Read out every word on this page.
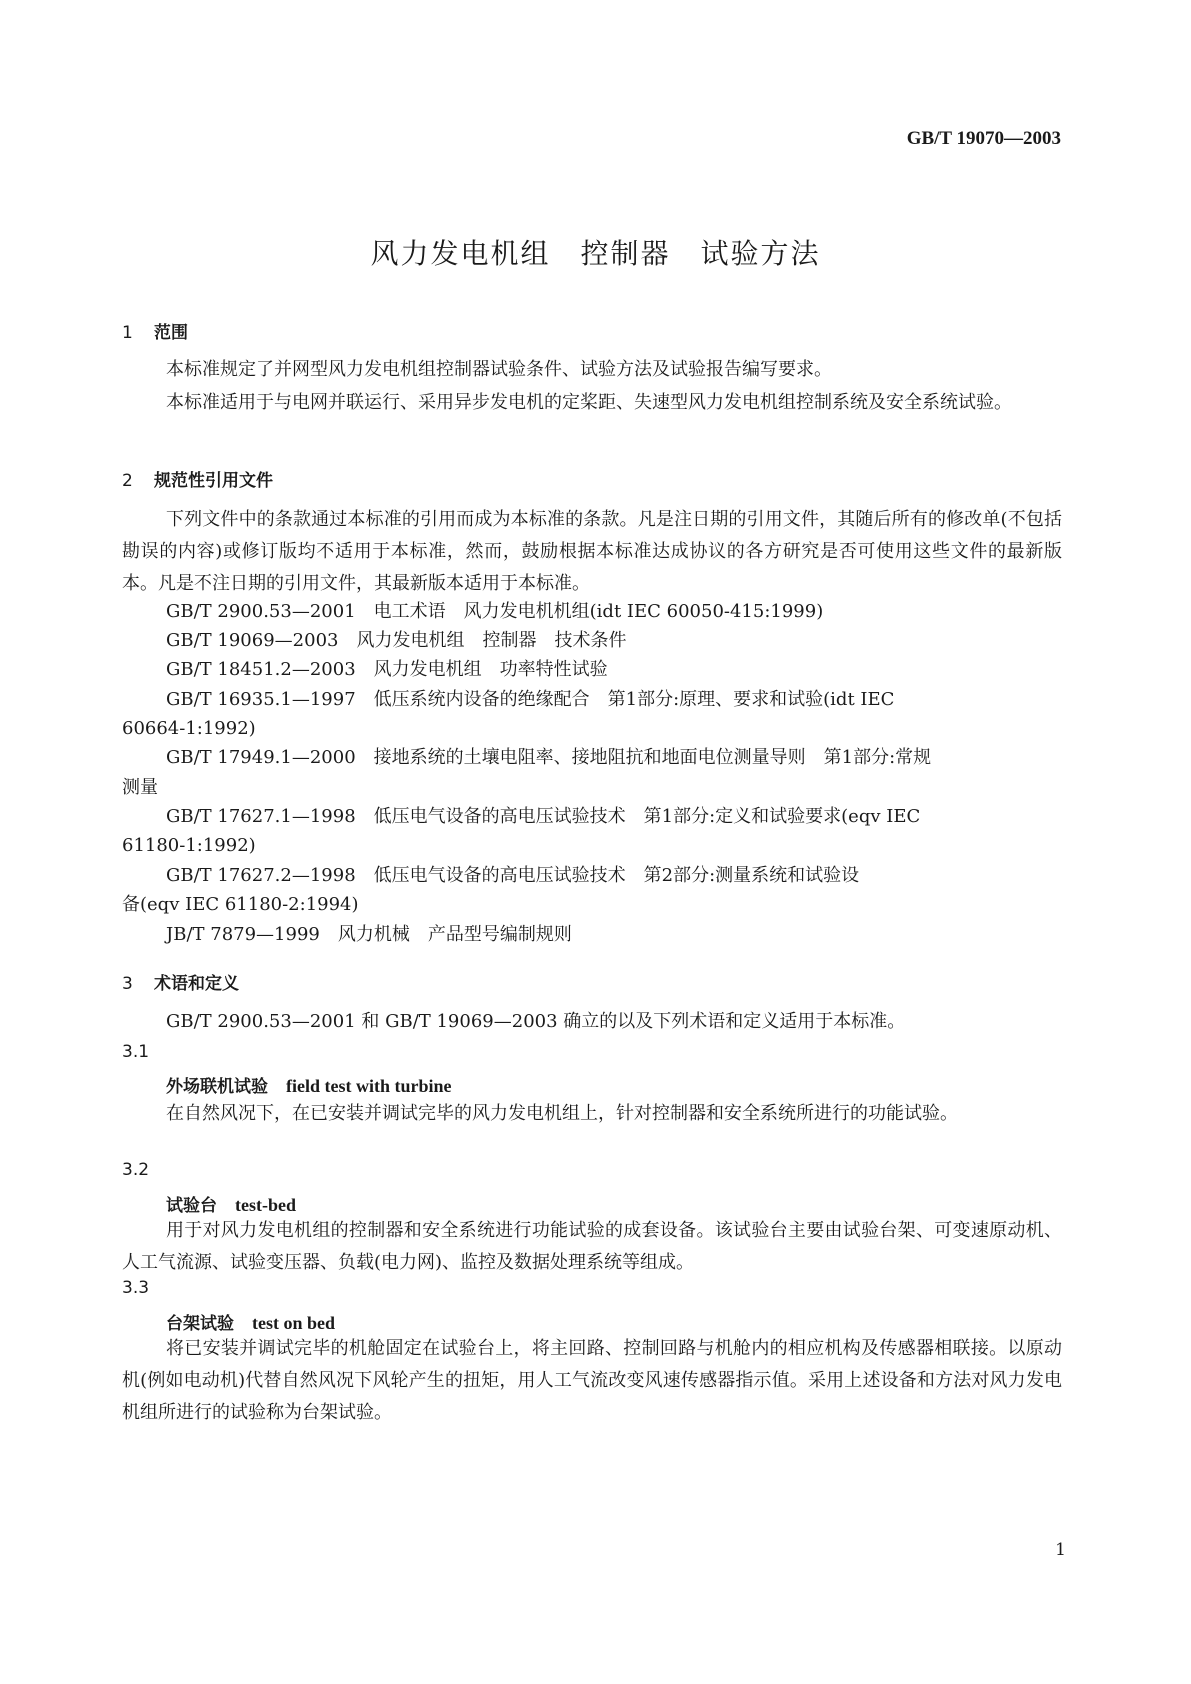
GB/T 19070—2003
风力发电机组　控制器　试验方法
1 范围
本标准规定了并网型风力发电机组控制器试验条件、试验方法及试验报告编写要求。
本标准适用于与电网并联运行、采用异步发电机的定桨距、失速型风力发电机组控制系统及安全系统试验。
2 规范性引用文件
下列文件中的条款通过本标准的引用而成为本标准的条款。凡是注日期的引用文件，其随后所有的修改单(不包括勘误的内容)或修订版均不适用于本标准，然而，鼓励根据本标准达成协议的各方研究是否可使用这些文件的最新版本。凡是不注日期的引用文件，其最新版本适用于本标准。
GB/T 2900.53—2001　电工术语　风力发电机机组(idt IEC 60050-415:1999)
GB/T 19069—2003　风力发电机组　控制器　技术条件
GB/T 18451.2—2003　风力发电机组　功率特性试验
GB/T 16935.1—1997　低压系统内设备的绝缘配合　第1部分:原理、要求和试验(idt IEC
60664-1:1992)
GB/T 17949.1—2000　接地系统的土壤电阻率、接地阻抗和地面电位测量导则　第1部分:常规
测量
GB/T 17627.1—1998　低压电气设备的高电压试验技术　第1部分:定义和试验要求(eqv IEC
61180-1:1992)
GB/T 17627.2—1998　低压电气设备的高电压试验技术　第2部分:测量系统和试验设
备(eqv IEC 61180-2:1994)
JB/T 7879—1999　风力机械　产品型号编制规则
3 术语和定义
GB/T 2900.53—2001 和 GB/T 19069—2003 确立的以及下列术语和定义适用于本标准。
3.1
外场联机试验 field test with turbine
在自然风况下，在已安装并调试完毕的风力发电机组上，针对控制器和安全系统所进行的功能试验。
3.2
试验台 test-bed
用于对风力发电机组的控制器和安全系统进行功能试验的成套设备。该试验台主要由试验台架、可变速原动机、人工气流源、试验变压器、负载(电力网)、监控及数据处理系统等组成。
3.3
台架试验 test on bed
将已安装并调试完毕的机舱固定在试验台上，将主回路、控制回路与机舱内的相应机构及传感器相联接。以原动机(例如电动机)代替自然风况下风轮产生的扭矩，用人工气流改变风速传感器指示值。采用上述设备和方法对风力发电机组所进行的试验称为台架试验。
1
